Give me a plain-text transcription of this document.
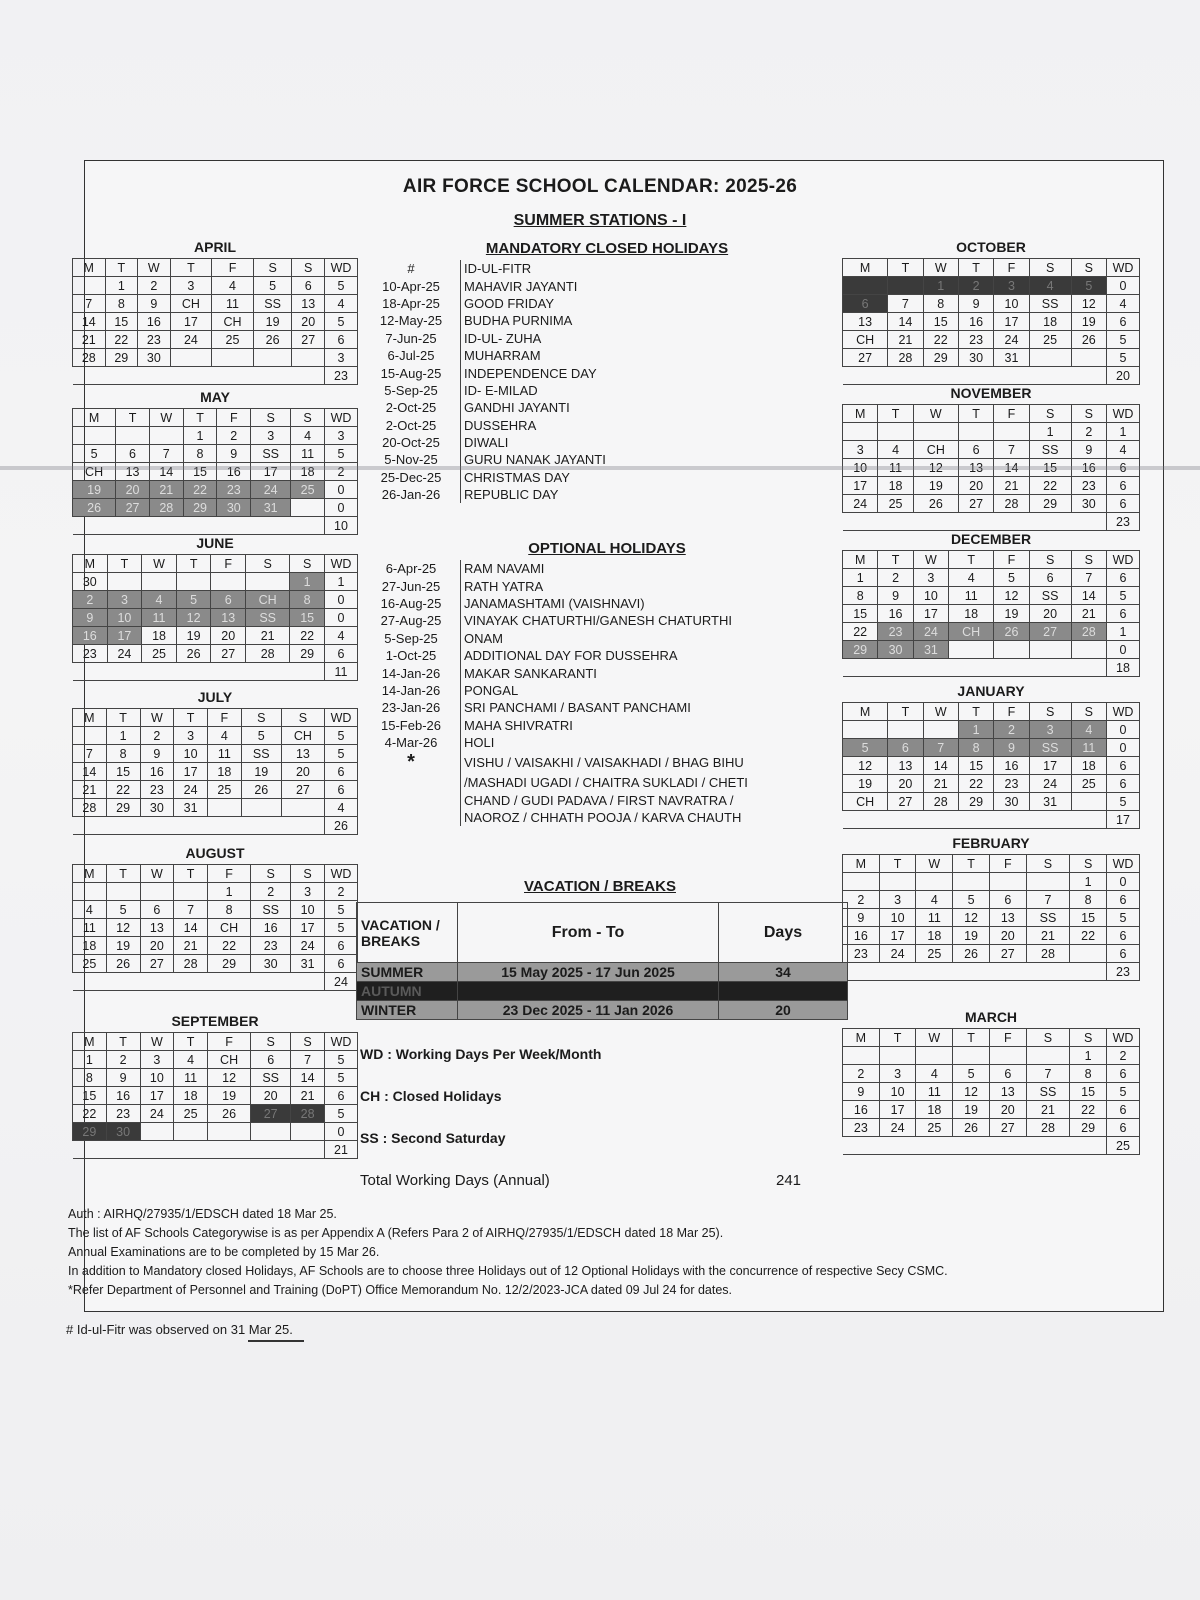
AIR FORCE SCHOOL CALENDAR: 2025-26
SUMMER STATIONS - I
APRIL
M	T	W	T	F	S	S	WD
	1	2	3	4	5	6	5
7	8	9	CH	11	SS	13	4
14	15	16	17	CH	19	20	5
21	22	23	24	25	26	27	6
28	29	30					3
							23
MAY
M	T	W	T	F	S	S	WD
			1	2	3	4	3
5	6	7	8	9	SS	11	5
CH	13	14	15	16	17	18	2
19	20	21	22	23	24	25	0
26	27	28	29	30	31		0
							10
JUNE
M	T	W	T	F	S	S	WD
30						1	1
2	3	4	5	6	CH	8	0
9	10	11	12	13	SS	15	0
16	17	18	19	20	21	22	4
23	24	25	26	27	28	29	6
							11
JULY
M	T	W	T	F	S	S	WD
	1	2	3	4	5	CH	5
7	8	9	10	11	SS	13	5
14	15	16	17	18	19	20	6
21	22	23	24	25	26	27	6
28	29	30	31				4
							26
AUGUST
M	T	W	T	F	S	S	WD
				1	2	3	2
4	5	6	7	8	SS	10	5
11	12	13	14	CH	16	17	5
18	19	20	21	22	23	24	6
25	26	27	28	29	30	31	6
							24
SEPTEMBER
M	T	W	T	F	S	S	WD
1	2	3	4	CH	6	7	5
8	9	10	11	12	SS	14	5
15	16	17	18	19	20	21	6
22	23	24	25	26	27	28	5
29	30						0
							21
OCTOBER
M	T	W	T	F	S	S	WD
		1	2	3	4	5	0
6	7	8	9	10	SS	12	4
13	14	15	16	17	18	19	6
CH	21	22	23	24	25	26	5
27	28	29	30	31			5
							20
NOVEMBER
M	T	W	T	F	S	S	WD
					1	2	1
3	4	CH	6	7	SS	9	4
10	11	12	13	14	15	16	6
17	18	19	20	21	22	23	6
24	25	26	27	28	29	30	6
							23
DECEMBER
M	T	W	T	F	S	S	WD
1	2	3	4	5	6	7	6
8	9	10	11	12	SS	14	5
15	16	17	18	19	20	21	6
22	23	24	CH	26	27	28	1
29	30	31					0
							18
JANUARY
M	T	W	T	F	S	S	WD
			1	2	3	4	0
5	6	7	8	9	SS	11	0
12	13	14	15	16	17	18	6
19	20	21	22	23	24	25	6
CH	27	28	29	30	31		5
							17
FEBRUARY
M	T	W	T	F	S	S	WD
						1	0
2	3	4	5	6	7	8	6
9	10	11	12	13	SS	15	5
16	17	18	19	20	21	22	6
23	24	25	26	27	28		6
							23
MARCH
M	T	W	T	F	S	S	WD
						1	2
2	3	4	5	6	7	8	6
9	10	11	12	13	SS	15	5
16	17	18	19	20	21	22	6
23	24	25	26	27	28	29	6
							25
MANDATORY CLOSED HOLIDAYS
#	ID-UL-FITR
10-Apr-25	MAHAVIR JAYANTI
18-Apr-25	GOOD FRIDAY
12-May-25	BUDHA PURNIMA
7-Jun-25	ID-UL- ZUHA
6-Jul-25	MUHARRAM
15-Aug-25	INDEPENDENCE DAY
5-Sep-25	ID- E-MILAD
2-Oct-25	GANDHI JAYANTI
2-Oct-25	DUSSEHRA
20-Oct-25	DIWALI
5-Nov-25	GURU NANAK JAYANTI
25-Dec-25	CHRISTMAS DAY
26-Jan-26	REPUBLIC DAY
OPTIONAL HOLIDAYS
6-Apr-25	RAM NAVAMI
27-Jun-25	RATH YATRA
16-Aug-25	JANAMASHTAMI (VAISHNAVI)
27-Aug-25	VINAYAK CHATURTHI/GANESH CHATURTHI
5-Sep-25	ONAM
1-Oct-25	ADDITIONAL DAY FOR DUSSEHRA
14-Jan-26	MAKAR SANKARANTI
14-Jan-26	PONGAL
23-Jan-26	SRI PANCHAMI / BASANT PANCHAMI
15-Feb-26	MAHA SHIVRATRI
4-Mar-26	HOLI
*	VISHU / VAISAKHI / VAISAKHADI / BHAG BIHU
	/MASHADI UGADI / CHAITRA SUKLADI / CHETI
	CHAND / GUDI PADAVA / FIRST NAVRATRA /
	NAOROZ / CHHATH POOJA / KARVA CHAUTH
VACATION / BREAKS
VACATION / BREAKS	From - To	Days
SUMMER	15 May 2025 - 17 Jun 2025	34
AUTUMN		
WINTER	23 Dec 2025 - 11 Jan 2026	20
WD : Working Days Per Week/Month
CH : Closed Holidays
SS : Second Saturday
Total Working Days (Annual)	241
Auth : AIRHQ/27935/1/EDSCH dated 18 Mar 25.
The list of AF Schools Categorywise is as per Appendix A (Refers Para 2 of AIRHQ/27935/1/EDSCH dated 18 Mar 25).
Annual Examinations are to be completed by 15 Mar 26.
In addition to Mandatory closed Holidays, AF Schools are to choose three Holidays out of 12 Optional Holidays with the concurrence of respective Secy CSMC.
*Refer Department of Personnel and Training (DoPT) Office Memorandum No. 12/2/2023-JCA dated 09 Jul 24 for dates.
# Id-ul-Fitr was observed on 31 Mar 25.
